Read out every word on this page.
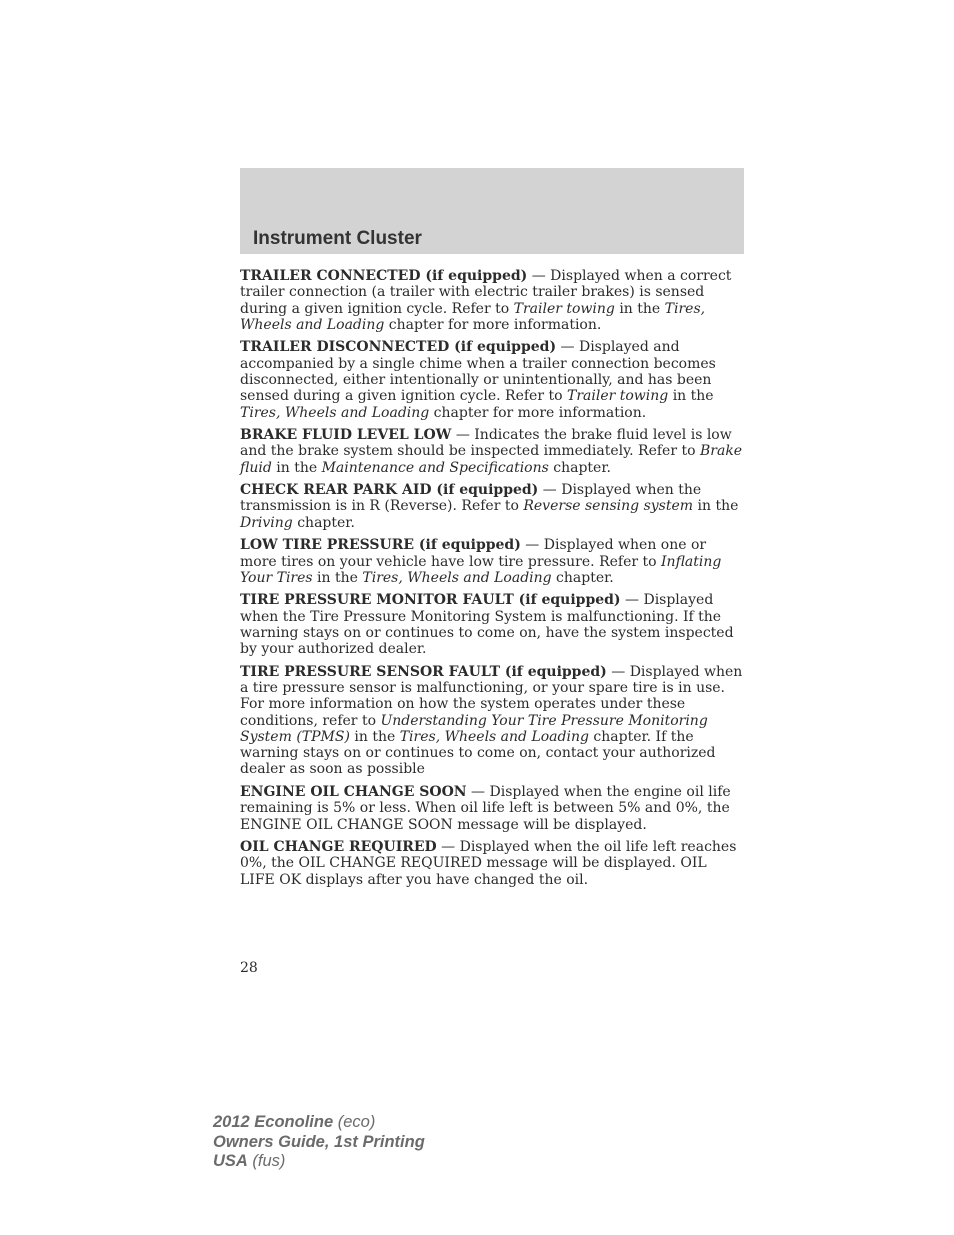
Instrument Cluster

TRAILER CONNECTED (if equipped) — Displayed when a correct trailer connection (a trailer with electric trailer brakes) is sensed during a given ignition cycle. Refer to Trailer towing in the Tires, Wheels and Loading chapter for more information.

TRAILER DISCONNECTED (if equipped) — Displayed and accompanied by a single chime when a trailer connection becomes disconnected, either intentionally or unintentionally, and has been sensed during a given ignition cycle. Refer to Trailer towing in the Tires, Wheels and Loading chapter for more information.

BRAKE FLUID LEVEL LOW — Indicates the brake fluid level is low and the brake system should be inspected immediately. Refer to Brake fluid in the Maintenance and Specifications chapter.

CHECK REAR PARK AID (if equipped) — Displayed when the transmission is in R (Reverse). Refer to Reverse sensing system in the Driving chapter.

LOW TIRE PRESSURE (if equipped) — Displayed when one or more tires on your vehicle have low tire pressure. Refer to Inflating Your Tires in the Tires, Wheels and Loading chapter.

TIRE PRESSURE MONITOR FAULT (if equipped) — Displayed when the Tire Pressure Monitoring System is malfunctioning. If the warning stays on or continues to come on, have the system inspected by your authorized dealer.

TIRE PRESSURE SENSOR FAULT (if equipped) — Displayed when a tire pressure sensor is malfunctioning, or your spare tire is in use. For more information on how the system operates under these conditions, refer to Understanding Your Tire Pressure Monitoring System (TPMS) in the Tires, Wheels and Loading chapter. If the warning stays on or continues to come on, contact your authorized dealer as soon as possible

ENGINE OIL CHANGE SOON — Displayed when the engine oil life remaining is 5% or less. When oil life left is between 5% and 0%, the ENGINE OIL CHANGE SOON message will be displayed.

OIL CHANGE REQUIRED — Displayed when the oil life left reaches 0%, the OIL CHANGE REQUIRED message will be displayed. OIL LIFE OK displays after you have changed the oil.

28
2012 Econoline (eco)
Owners Guide, 1st Printing
USA (fus)
